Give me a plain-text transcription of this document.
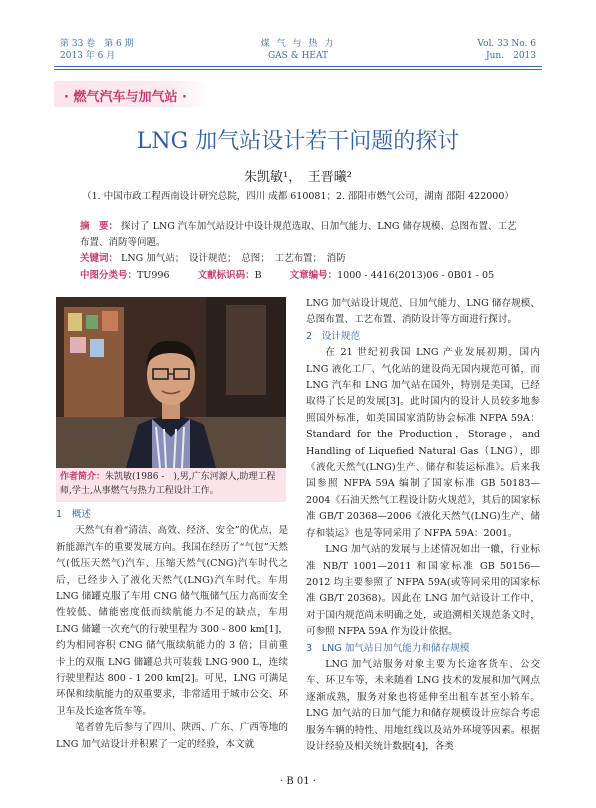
第 33 卷　第 6 期
2013 年 6 月
煤 气 与 热 力
GAS & HEAT
Vol. 33 No. 6
Jun.　2013
· 燃气汽车与加气站 ·
LNG 加气站设计若干问题的探讨
朱凯敏¹，　王晋曦²
（1. 中国市政工程西南设计研究总院，四川 成都 610081；2. 邵阳市燃气公司，湖南 邵阳 422000）
摘　要： 探讨了 LNG 汽车加气站设计中设计规范选取、日加气能力、LNG 储存规模、总图布置、工艺布置、消防等问题。
关键词： LNG 加气站；　设计规范；　总图；　工艺布置；　消防
中图分类号：TU996	文献标识码：B	文章编号：1000 - 4416(2013)06 - 0B01 - 05
作者简介：朱凯敏(1986 -　),男,广东河源人,助理工程师,学士,从事燃气与热力工程设计工作。

1　概述

天然气有着“清洁、高效、经济、安全”的优点，是新能源汽车的重要发展方向。我国在经历了“气包”天然气(低压天然气)汽车、压缩天然气(CNG)汽车时代之后，已经步入了液化天然气(LNG)汽车时代。车用 LNG 储罐克服了车用 CNG 储气瓶储气压力高而安全性较低、储能密度低而续航能力不足的缺点，车用 LNG 储罐一次充气的行驶里程为 300 - 800 km[1]，约为相同容积 CNG 储气瓶续航能力的 3 倍；目前重卡上的双瓶 LNG 储罐总共可装载 LNG 900 L，连续行驶里程达 800 - 1 200 km[2]。可见，LNG 可满足环保和续航能力的双重要求，非常适用于城市公交、环卫车及长途客货车等。

笔者曾先后参与了四川、陕西、广东、广西等地的 LNG 加气站设计并积累了一定的经验，本文就

LNG 加气站设计规范、日加气能力、LNG 储存规模、总图布置、工艺布置、消防设计等方面进行探讨。

2　设计规范

在 21 世纪初我国 LNG 产业发展初期，国内 LNG 液化工厂、气化站的建设尚无国内规范可循，而 LNG 汽车和 LNG 加气站在国外，特别是美国，已经取得了长足的发展[3]。此时国内的设计人员较多地参照国外标准，如美国国家消防协会标准 NFPA 59A：Standard for the Production，Storage，and Handling of Liquefied Natural Gas（LNG），即《液化天然气(LNG)生产、储存和装运标准》。后来我国参照 NFPA 59A 编制了国家标准 GB 50183—2004《石油天然气工程设计防火规范》，其后的国家标准 GB/T 20368—2006《液化天然气(LNG)生产、储存和装运》也是等同采用了 NFPA 59A：2001。

LNG 加气站的发展与上述情况如出一辙，行业标准 NB/T 1001—2011 和国家标准 GB 50156—2012 均主要参照了 NFPA 59A(或等同采用的国家标准 GB/T 20368)。因此在 LNG 加气站设计工作中，对于国内规范尚未明确之处，或追溯相关规范条文时，可参照 NFPA 59A 作为设计依据。

3　LNG 加气站日加气能力和储存规模

LNG 加气站服务对象主要为长途客货车、公交车、环卫车等，未来随着 LNG 技术的发展和加气网点逐渐成熟，服务对象也将延伸至出租车甚至小轿车。LNG 加气站的日加气能力和储存规模设计应综合考虑服务车辆的特性、用地红线以及站外环境等因素。根据设计经验及相关统计数据[4]，各类

· B 01 ·
